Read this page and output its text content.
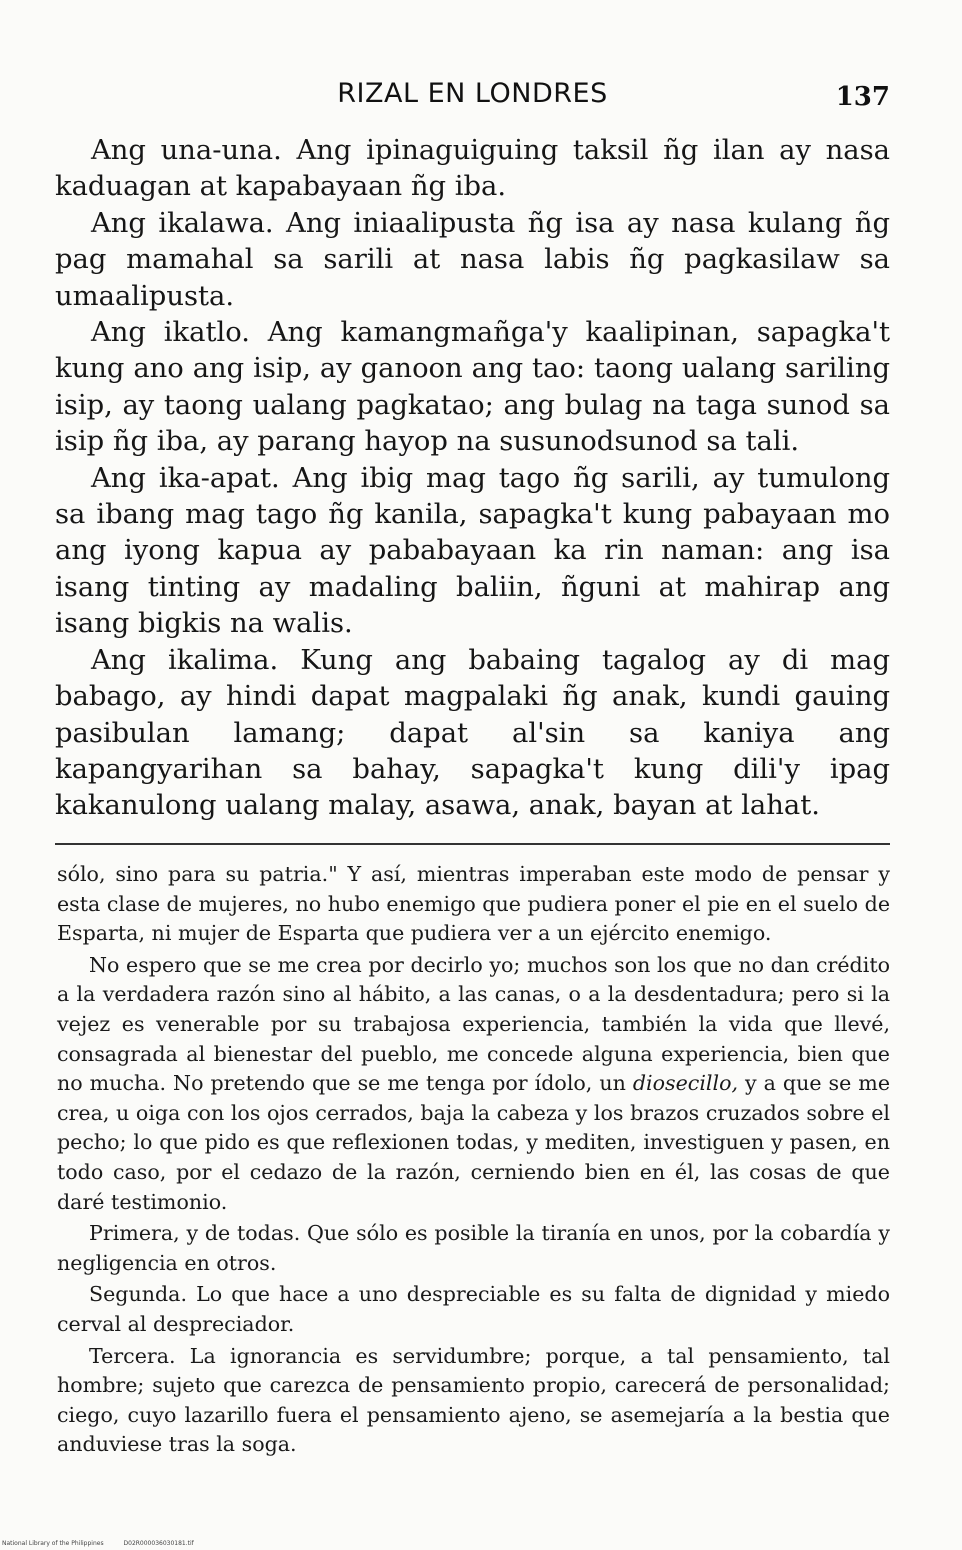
RIZAL EN LONDRES	137

Ang una-una. Ang ipinaguiguing taksil ñg ilan ay nasa kaduagan at kapabayaan ñg iba.

Ang ikalawa. Ang iniaalipusta ñg isa ay nasa kulang ñg pag mamahal sa sarili at nasa labis ñg pagkasilaw sa umaalipusta.

Ang ikatlo. Ang kamangmañga'y kaalipinan, sapagka't kung ano ang isip, ay ganoon ang tao: taong ualang sariling isip, ay taong ualang pagkatao; ang bulag na taga sunod sa isip ñg iba, ay parang hayop na susunodsunod sa tali.

Ang ika-apat. Ang ibig mag tago ñg sarili, ay tumulong sa ibang mag tago ñg kanila, sapagka't kung pabayaan mo ang iyong kapua ay pababayaan ka rin naman: ang isa isang tinting ay madaling baliin, ñguni at mahirap ang isang bigkis na walis.

Ang ikalima. Kung ang babaing tagalog ay di mag babago, ay hindi dapat magpalaki ñg anak, kundi gauing pasibulan lamang; dapat al'sin sa kaniya ang kapangyarihan sa bahay, sapagka't kung dili'y ipag kakanulong ualang malay, asawa, anak, bayan at lahat.

sólo, sino para su patria." Y así, mientras imperaban este modo de pensar y esta clase de mujeres, no hubo enemigo que pudiera poner el pie en el suelo de Esparta, ni mujer de Esparta que pudiera ver a un ejército enemigo.

No espero que se me crea por decirlo yo; muchos son los que no dan crédito a la verdadera razón sino al hábito, a las canas, o a la desdentadura; pero si la vejez es venerable por su trabajosa experiencia, también la vida que llevé, consagrada al bienestar del pueblo, me concede alguna experiencia, bien que no mucha. No pretendo que se me tenga por ídolo, un diosecillo, y a que se me crea, u oiga con los ojos cerrados, baja la cabeza y los brazos cruzados sobre el pecho; lo que pido es que reflexionen todas, y mediten, investiguen y pasen, en todo caso, por el cedazo de la razón, cerniendo bien en él, las cosas de que daré testimonio.

Primera, y de todas. Que sólo es posible la tiranía en unos, por la cobardía y negligencia en otros.

Segunda. Lo que hace a uno despreciable es su falta de dignidad y miedo cerval al despreciador.

Tercera. La ignorancia es servidumbre; porque, a tal pensamiento, tal hombre; sujeto que carezca de pensamiento propio, carecerá de personalidad; ciego, cuyo lazarillo fuera el pensamiento ajeno, se asemejaría a la bestia que anduviese tras la soga.

National Library of the Philippines	D02R000036030181.tif
